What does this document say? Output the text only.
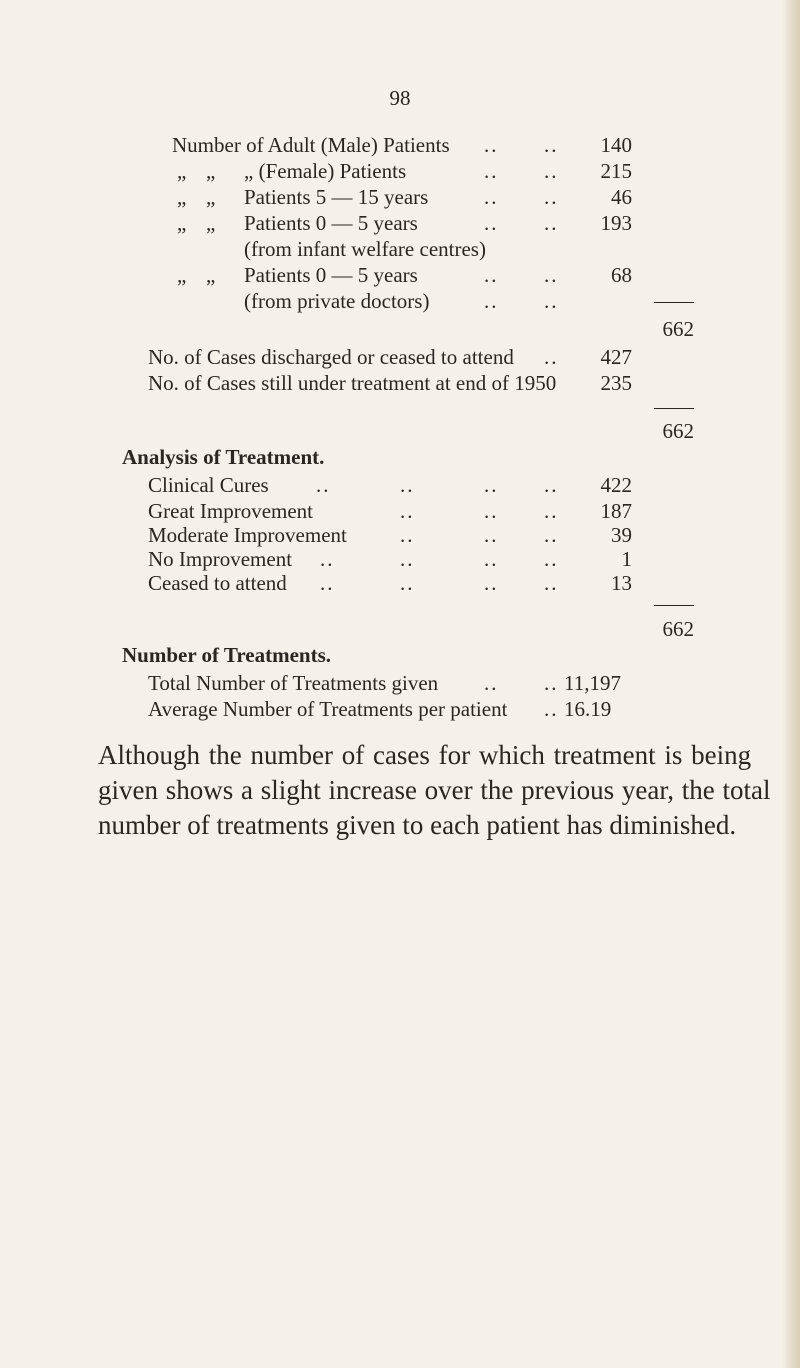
98
Number of Adult (Male) Patients .. ..	140
„ „ „ (Female) Patients	.. ..	215
„ „ Patients 5 — 15 years	.. ..	46
„ „ Patients 0 — 5 years	.. ..	193
(from infant welfare centres)
„ „ Patients 0 — 5 years	.. ..	68
(from private doctors)	.. ..
662
No. of Cases discharged or ceased to attend ..	427
No. of Cases still under treatment at end of 1950	235
662
Analysis of Treatment.
Clinical Cures ..	..	.. ..	422
Great Improvement	..	.. ..	187
Moderate Improvement	..	.. ..	39
No Improvement ..	..	.. ..	1
Ceased to attend ..	..	.. ..	13
662
Number of Treatments.
Total Number of Treatments given .. .. 11,197
Average Number of Treatments per patient .. 16.19
Although the number of cases for which treatment is being
given shows a slight increase over the previous year, the total
number of treatments given to each patient has diminished.
